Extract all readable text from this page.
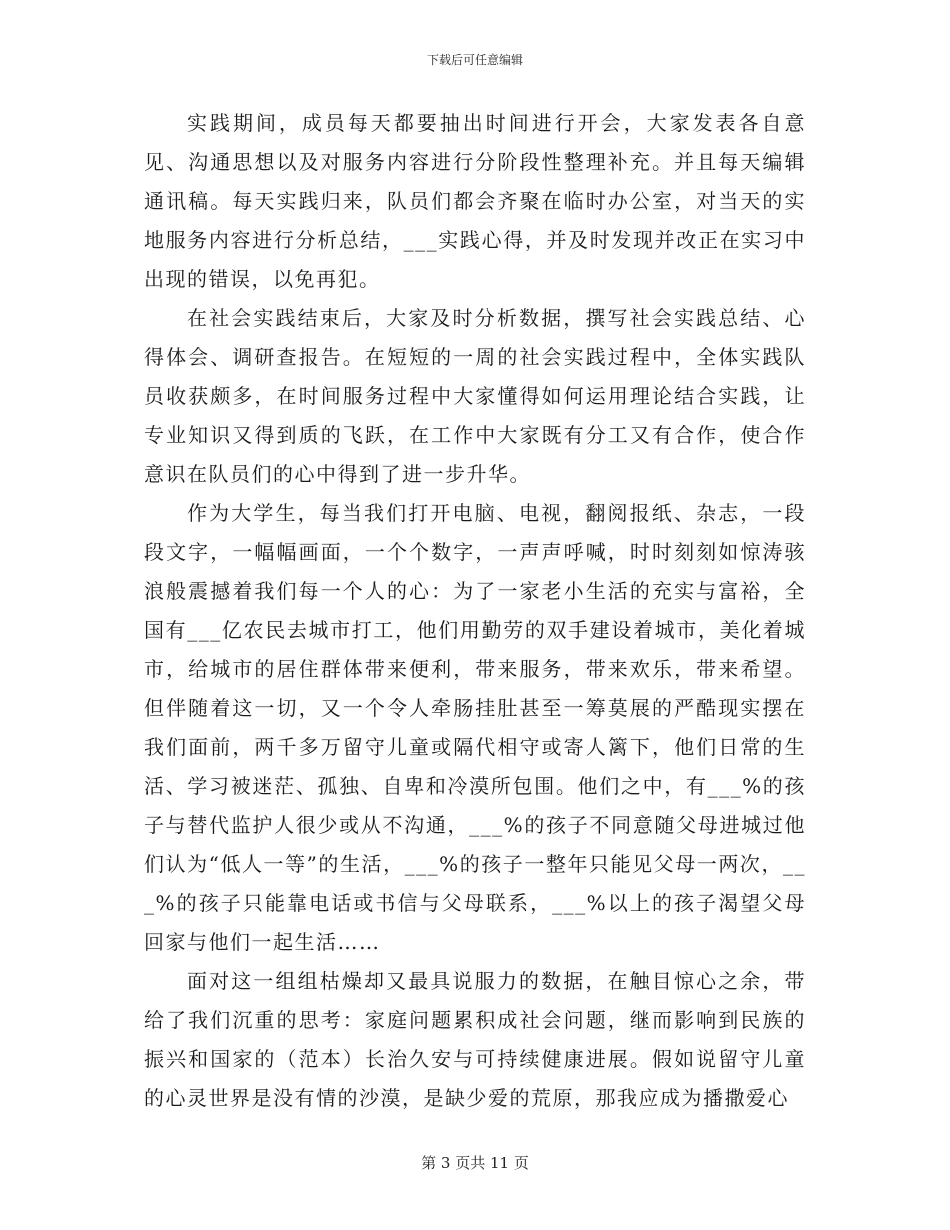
下载后可任意编辑

实践期间，成员每天都要抽出时间进行开会，大家发表各自意见、沟通思想以及对服务内容进行分阶段性整理补充。并且每天编辑通讯稿。每天实践归来，队员们都会齐聚在临时办公室，对当天的实地服务内容进行分析总结，___实践心得，并及时发现并改正在实习中出现的错误，以免再犯。

在社会实践结束后，大家及时分析数据，撰写社会实践总结、心得体会、调研查报告。在短短的一周的社会实践过程中，全体实践队员收获颇多，在时间服务过程中大家懂得如何运用理论结合实践，让专业知识又得到质的飞跃，在工作中大家既有分工又有合作，使合作意识在队员们的心中得到了进一步升华。

作为大学生，每当我们打开电脑、电视，翻阅报纸、杂志，一段段文字，一幅幅画面，一个个数字，一声声呼喊，时时刻刻如惊涛骇浪般震撼着我们每一个人的心：为了一家老小生活的充实与富裕，全国有___亿农民去城市打工，他们用勤劳的双手建设着城市，美化着城市，给城市的居住群体带来便利，带来服务，带来欢乐，带来希望。但伴随着这一切，又一个令人牵肠挂肚甚至一筹莫展的严酷现实摆在我们面前，两千多万留守儿童或隔代相守或寄人篱下，他们日常的生活、学习被迷茫、孤独、自卑和冷漠所包围。他们之中，有___%的孩子与替代监护人很少或从不沟通，___%的孩子不同意随父母进城过他们认为“低人一等”的生活，___%的孩子一整年只能见父母一两次，___%的孩子只能靠电话或书信与父母联系，___%以上的孩子渴望父母回家与他们一起生活……

面对这一组组枯燥却又最具说服力的数据，在触目惊心之余，带给了我们沉重的思考：家庭问题累积成社会问题，继而影响到民族的振兴和国家的（范本）长治久安与可持续健康进展。假如说留守儿童的心灵世界是没有情的沙漠，是缺少爱的荒原，那我应成为播撒爱心

第 3 页共 11 页
